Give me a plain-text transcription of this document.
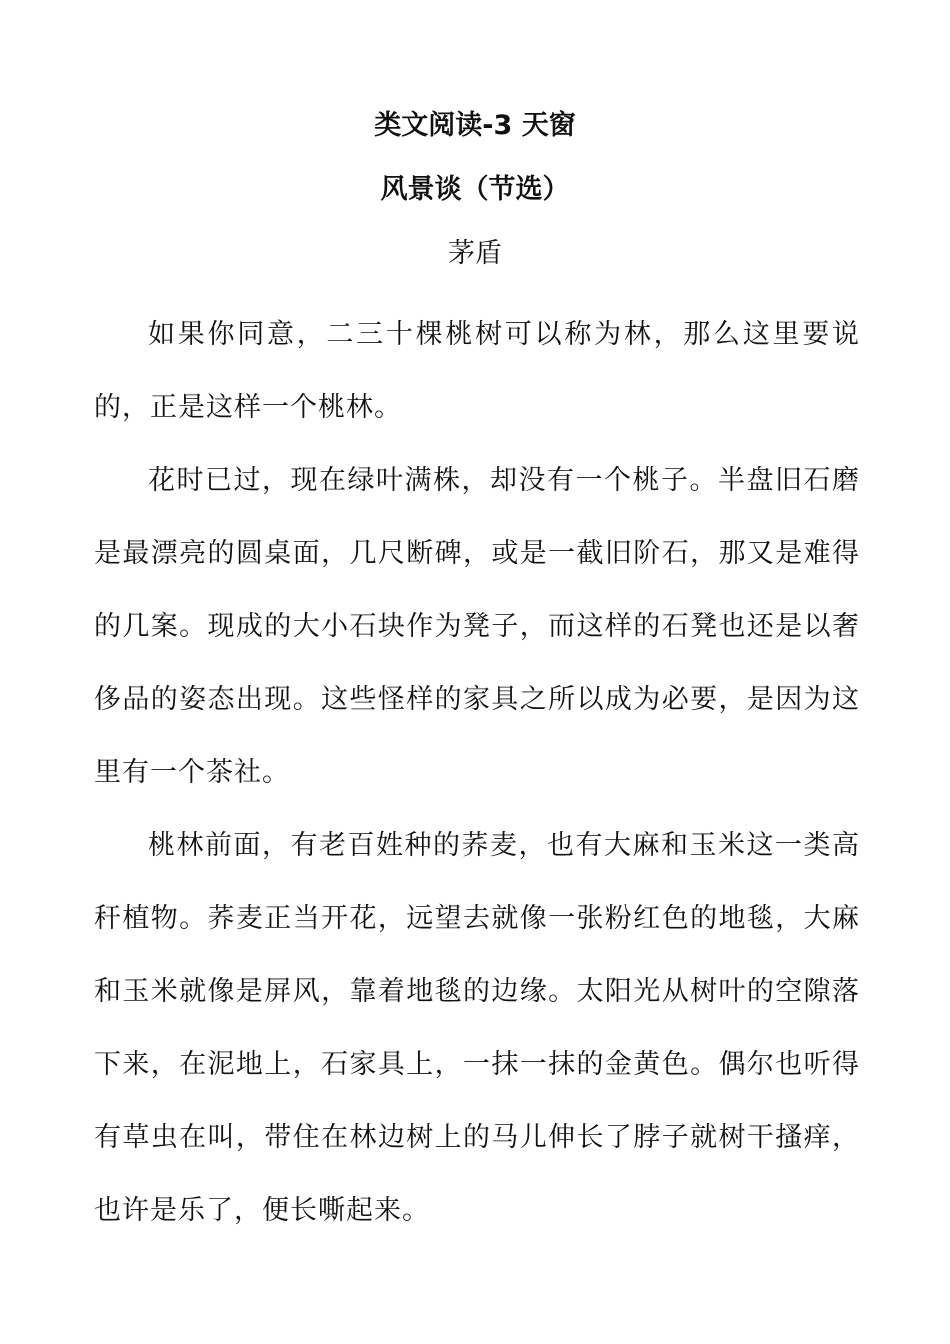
类文阅读-3 天窗
风景谈（节选）

茅盾

如果你同意，二三十棵桃树可以称为林，那么这里要说的，正是这样一个桃林。

花时已过，现在绿叶满株，却没有一个桃子。半盘旧石磨是最漂亮的圆桌面，几尺断碑，或是一截旧阶石，那又是难得的几案。现成的大小石块作为凳子，而这样的石凳也还是以奢侈品的姿态出现。这些怪样的家具之所以成为必要，是因为这里有一个茶社。

桃林前面，有老百姓种的荞麦，也有大麻和玉米这一类高秆植物。荞麦正当开花，远望去就像一张粉红色的地毯，大麻和玉米就像是屏风，靠着地毯的边缘。太阳光从树叶的空隙落下来，在泥地上，石家具上，一抹一抹的金黄色。偶尔也听得有草虫在叫，带住在林边树上的马儿伸长了脖子就树干搔痒，也许是乐了，便长嘶起来。
